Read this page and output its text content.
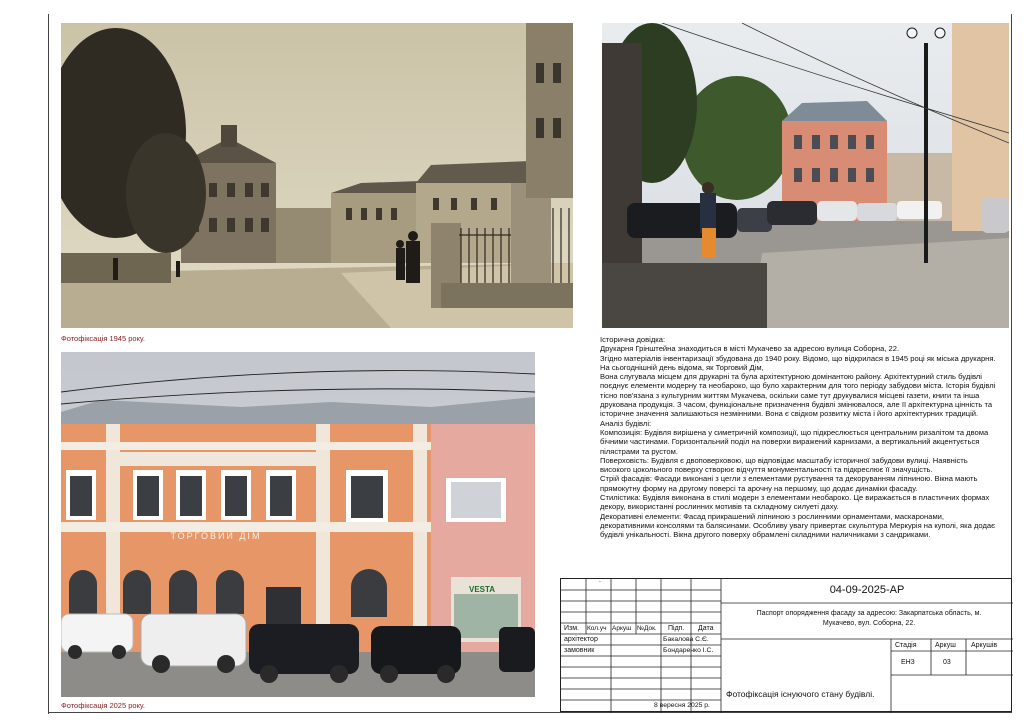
Фотофіксація 1945 року.
ТОРГОВИЙ ДІМ
VESTA
Фотофіксація 2025 року.

Історична довідка:

Друкарня Грінштейна знаходиться в місті Мукачево за адресою вулиця Соборна, 22.

Згідно матеріалів інвентаризації збудована до 1940 року. Відомо, що відкрилася в 1945 році як міська друкарня. На сьогоднішній день відома, як Торговий Дім,

Вона слугувала місцем для друкарні та була архітектурною домінантою району. Архітектурний стиль будівлі поєднує елементи модерну та необароко, що було характерним для того періоду забудови міста. Історія будівлі тісно пов'язана з культурним життям Мукачева, оскільки саме тут друкувалися місцеві газети, книги та інша друкована продукція. З часом, функціональне призначення будівлі змінювалося, але її архітектурна цінність та історичне значення залишаються незмінними. Вона є свідком розвитку міста і його архітектурних традицій.

Аналіз будівлі:

Композиція: Будівля вирішена у симетричній композиції, що підкреслюється центральним ризалітом та двома бічними частинами. Горизонтальний поділ на поверхи виражений карнизами, а вертикальний акцентується пілястрами та рустом.

Поверховість: Будівля є двоповерховою, що відповідає масштабу історичної забудови вулиці. Наявність високого цокольного поверху створює відчуття монументальності та підкреслює її значущість.

Стрій фасадів: Фасади виконані з цегли з елементами рустування та декоруванням ліпниною. Вікна мають прямокутну форму на другому поверсі та арочну на першому, що додає динаміки фасаду.

Стилістика: Будівля виконана в стилі модерн з елементами необароко. Це виражається в пластичних формах декору, використанні рослинних мотивів та складному силуеті даху.

Декоративні елементи: Фасад прикрашений ліпниною з рослинними орнаментами, маскаронами, декоративними консолями та балясинами. Особливу увагу привертає скульптура Меркурія на куполі, яка додає будівлі унікальності. Вікна другого поверху обрамлені складними наличниками з сандриками.

.
Изм. Кол.уч Аркуш №Док. Підп. Дата
архітектор	Бакалова С.Є.
замовник	Бондаренко І.С.
8 вересня 2025 р.
04-09-2025-АР
Паспорт опорядження фасаду за адресою: Закарпатська область, м. Мукачево, вул. Соборна, 22.
Стадія	Аркуш Аркушів
ЕН3	03
Фотофіксація існуючого стану будівлі.
